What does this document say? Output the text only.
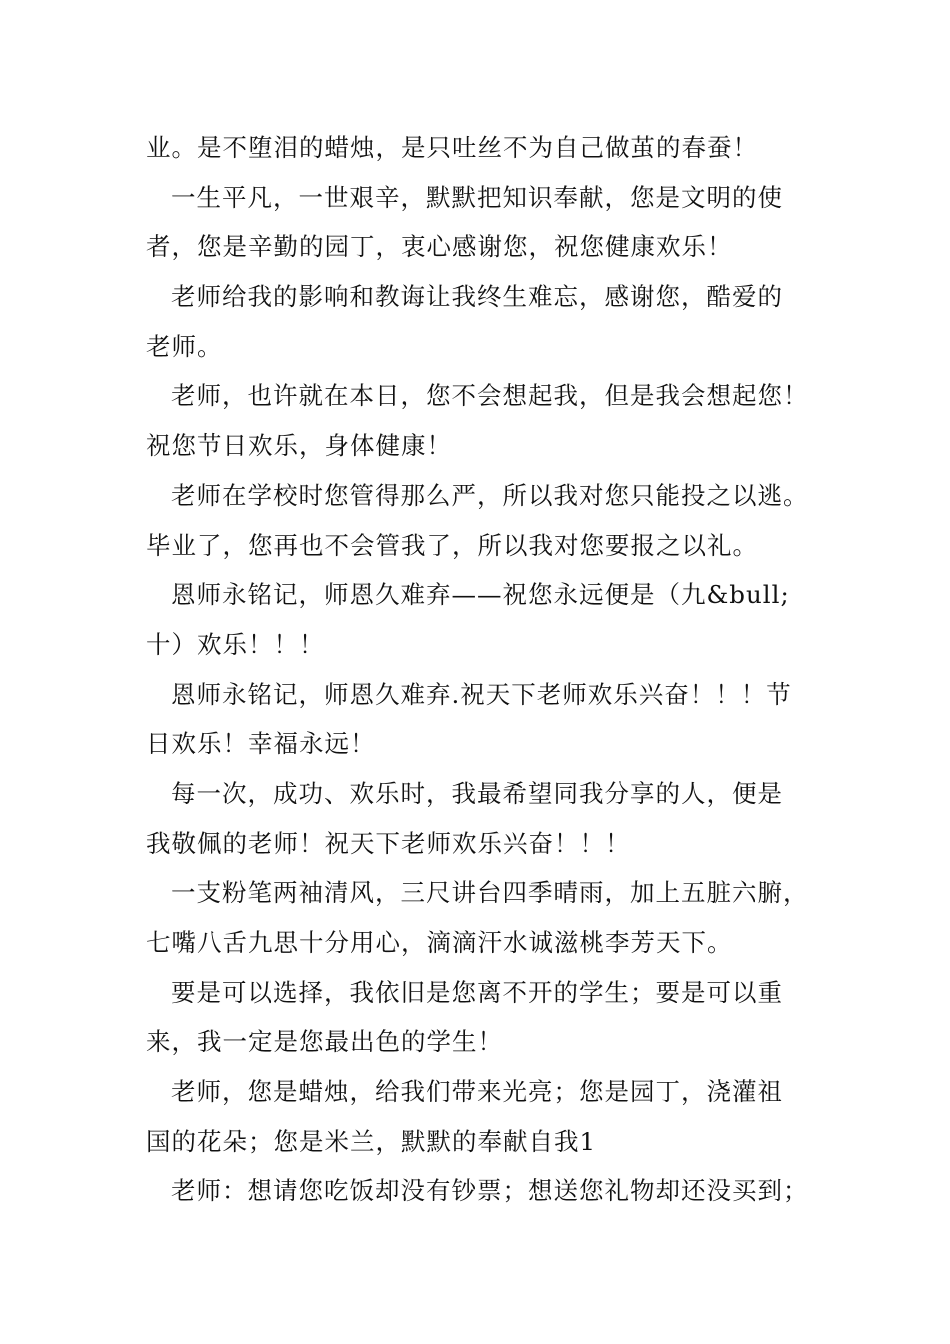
业。是不堕泪的蜡烛，是只吐丝不为自己做茧的春蚕！
一生平凡，一世艰辛，默默把知识奉献，您是文明的使
者，您是辛勤的园丁，衷心感谢您，祝您健康欢乐！
老师给我的影响和教诲让我终生难忘，感谢您，酷爱的
老师。
老师，也许就在本日，您不会想起我，但是我会想起您！
祝您节日欢乐，身体健康！
老师在学校时您管得那么严，所以我对您只能投之以逃。
毕业了，您再也不会管我了，所以我对您要报之以礼。
恩师永铭记，师恩久难弃——祝您永远便是（九&bull;
十）欢乐！！！
恩师永铭记，师恩久难弃.祝天下老师欢乐兴奋！！！节
日欢乐！幸福永远！
每一次，成功、欢乐时，我最希望同我分享的人，便是
我敬佩的老师！祝天下老师欢乐兴奋！！！
一支粉笔两袖清风，三尺讲台四季晴雨，加上五脏六腑，
七嘴八舌九思十分用心，滴滴汗水诚滋桃李芳天下。
要是可以选择，我依旧是您离不开的学生；要是可以重
来，我一定是您最出色的学生！
老师，您是蜡烛，给我们带来光亮；您是园丁，浇灌祖
国的花朵；您是米兰，默默的奉献自我1
老师：想请您吃饭却没有钞票；想送您礼物却还没买到；
